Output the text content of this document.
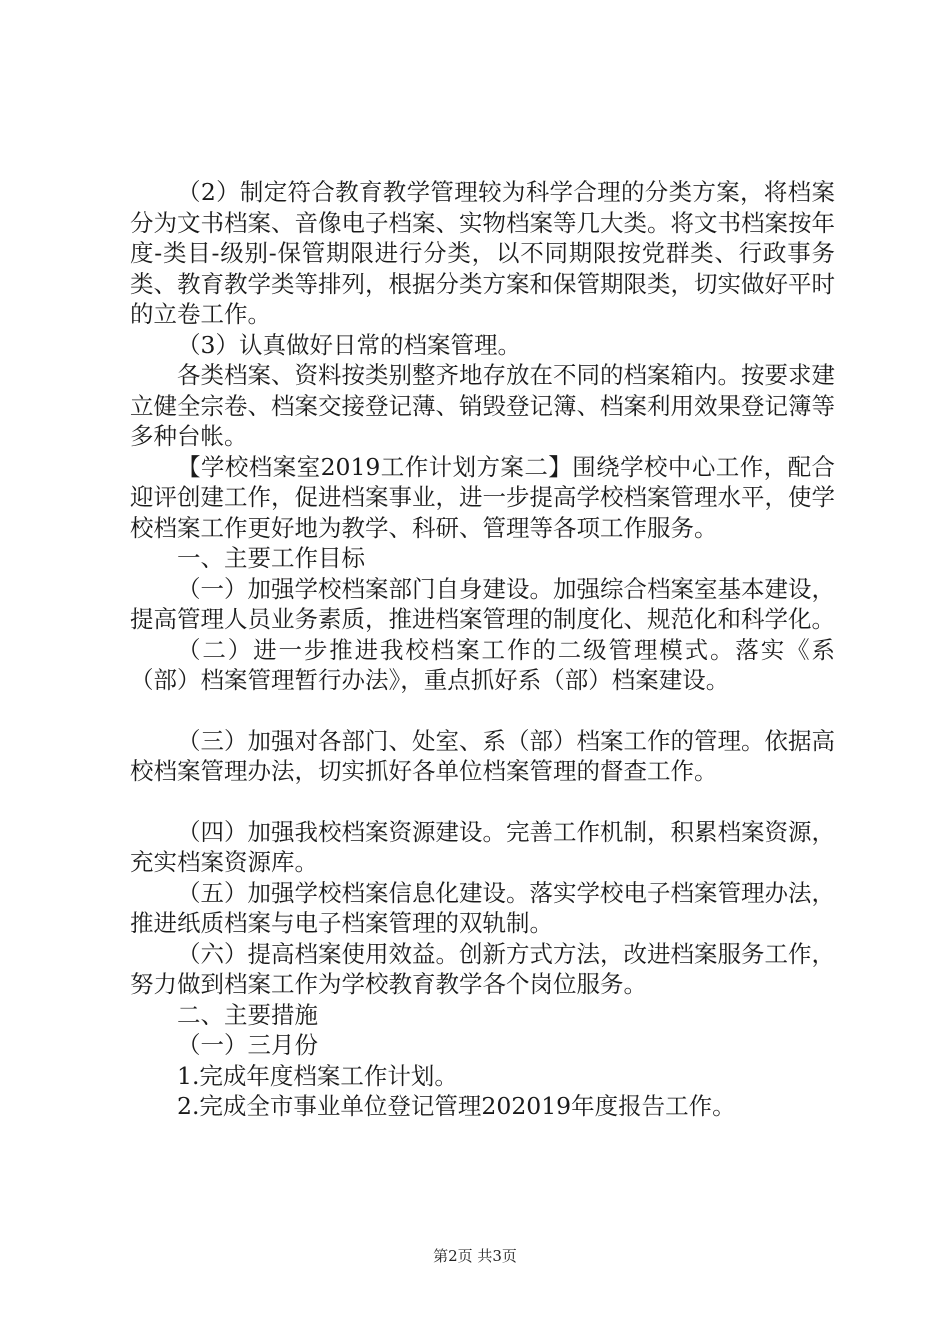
（2）制定符合教育教学管理较为科学合理的分类方案，将档案分为文书档案、音像电子档案、实物档案等几大类。将文书档案按年度-类目-级别-保管期限进行分类，以不同期限按党群类、行政事务类、教育教学类等排列，根据分类方案和保管期限类，切实做好平时的立卷工作。

（3）认真做好日常的档案管理。

各类档案、资料按类别整齐地存放在不同的档案箱内。按要求建立健全宗卷、档案交接登记薄、销毁登记簿、档案利用效果登记簿等多种台帐。

【学校档案室2019工作计划方案二】围绕学校中心工作，配合迎评创建工作，促进档案事业，进一步提高学校档案管理水平，使学校档案工作更好地为教学、科研、管理等各项工作服务。

一、主要工作目标

（一）加强学校档案部门自身建设。加强综合档案室基本建设，提高管理人员业务素质，推进档案管理的制度化、规范化和科学化。

（二）进一步推进我校档案工作的二级管理模式。落实《系（部）档案管理暂行办法》，重点抓好系（部）档案建设。

（三）加强对各部门、处室、系（部）档案工作的管理。依据高校档案管理办法，切实抓好各单位档案管理的督查工作。

（四）加强我校档案资源建设。完善工作机制，积累档案资源，充实档案资源库。

（五）加强学校档案信息化建设。落实学校电子档案管理办法，推进纸质档案与电子档案管理的双轨制。

（六）提高档案使用效益。创新方式方法，改进档案服务工作，努力做到档案工作为学校教育教学各个岗位服务。

二、主要措施

（一）三月份

1.完成年度档案工作计划。

2.完成全市事业单位登记管理202019年度报告工作。

第2页 共3页
